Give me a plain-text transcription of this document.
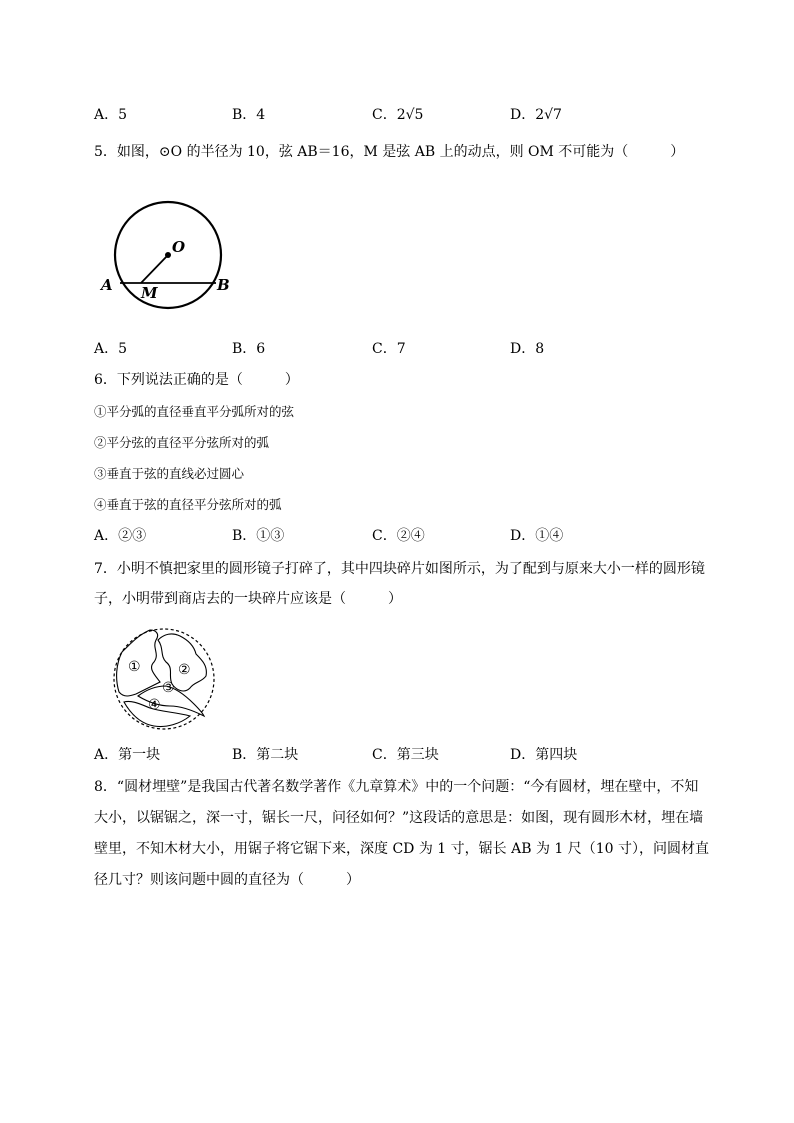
A．5	B．4	C．2√5	D．2√7
5．如图，⊙O 的半径为 10，弦 AB＝16，M 是弦 AB 上的动点，则 OM 不可能为（　　　）
O
A M	B
A．5	B．6	C．7	D．8
6．下列说法正确的是（　　　）
①平分弧的直径垂直平分弧所对的弦
②平分弦的直径平分弦所对的弧
③垂直于弦的直线必过圆心
④垂直于弦的直径平分弦所对的弧
A．②③	B．①③	C．②④	D．①④
7．小明不慎把家里的圆形镜子打碎了，其中四块碎片如图所示，为了配到与原来大小一样的圆形镜
子，小明带到商店去的一块碎片应该是（　　　）
①	②
③
④
A．第一块	B．第二块	C．第三块	D．第四块
8．“圆材埋壁”是我国古代著名数学著作《九章算术》中的一个问题：“今有圆材，埋在壁中，不知
大小，以锯锯之，深一寸，锯长一尺，问径如何？”这段话的意思是：如图，现有圆形木材，埋在墙
壁里，不知木材大小，用锯子将它锯下来，深度 CD 为 1 寸，锯长 AB 为 1 尺（10 寸），问圆材直
径几寸？则该问题中圆的直径为（　　　）
